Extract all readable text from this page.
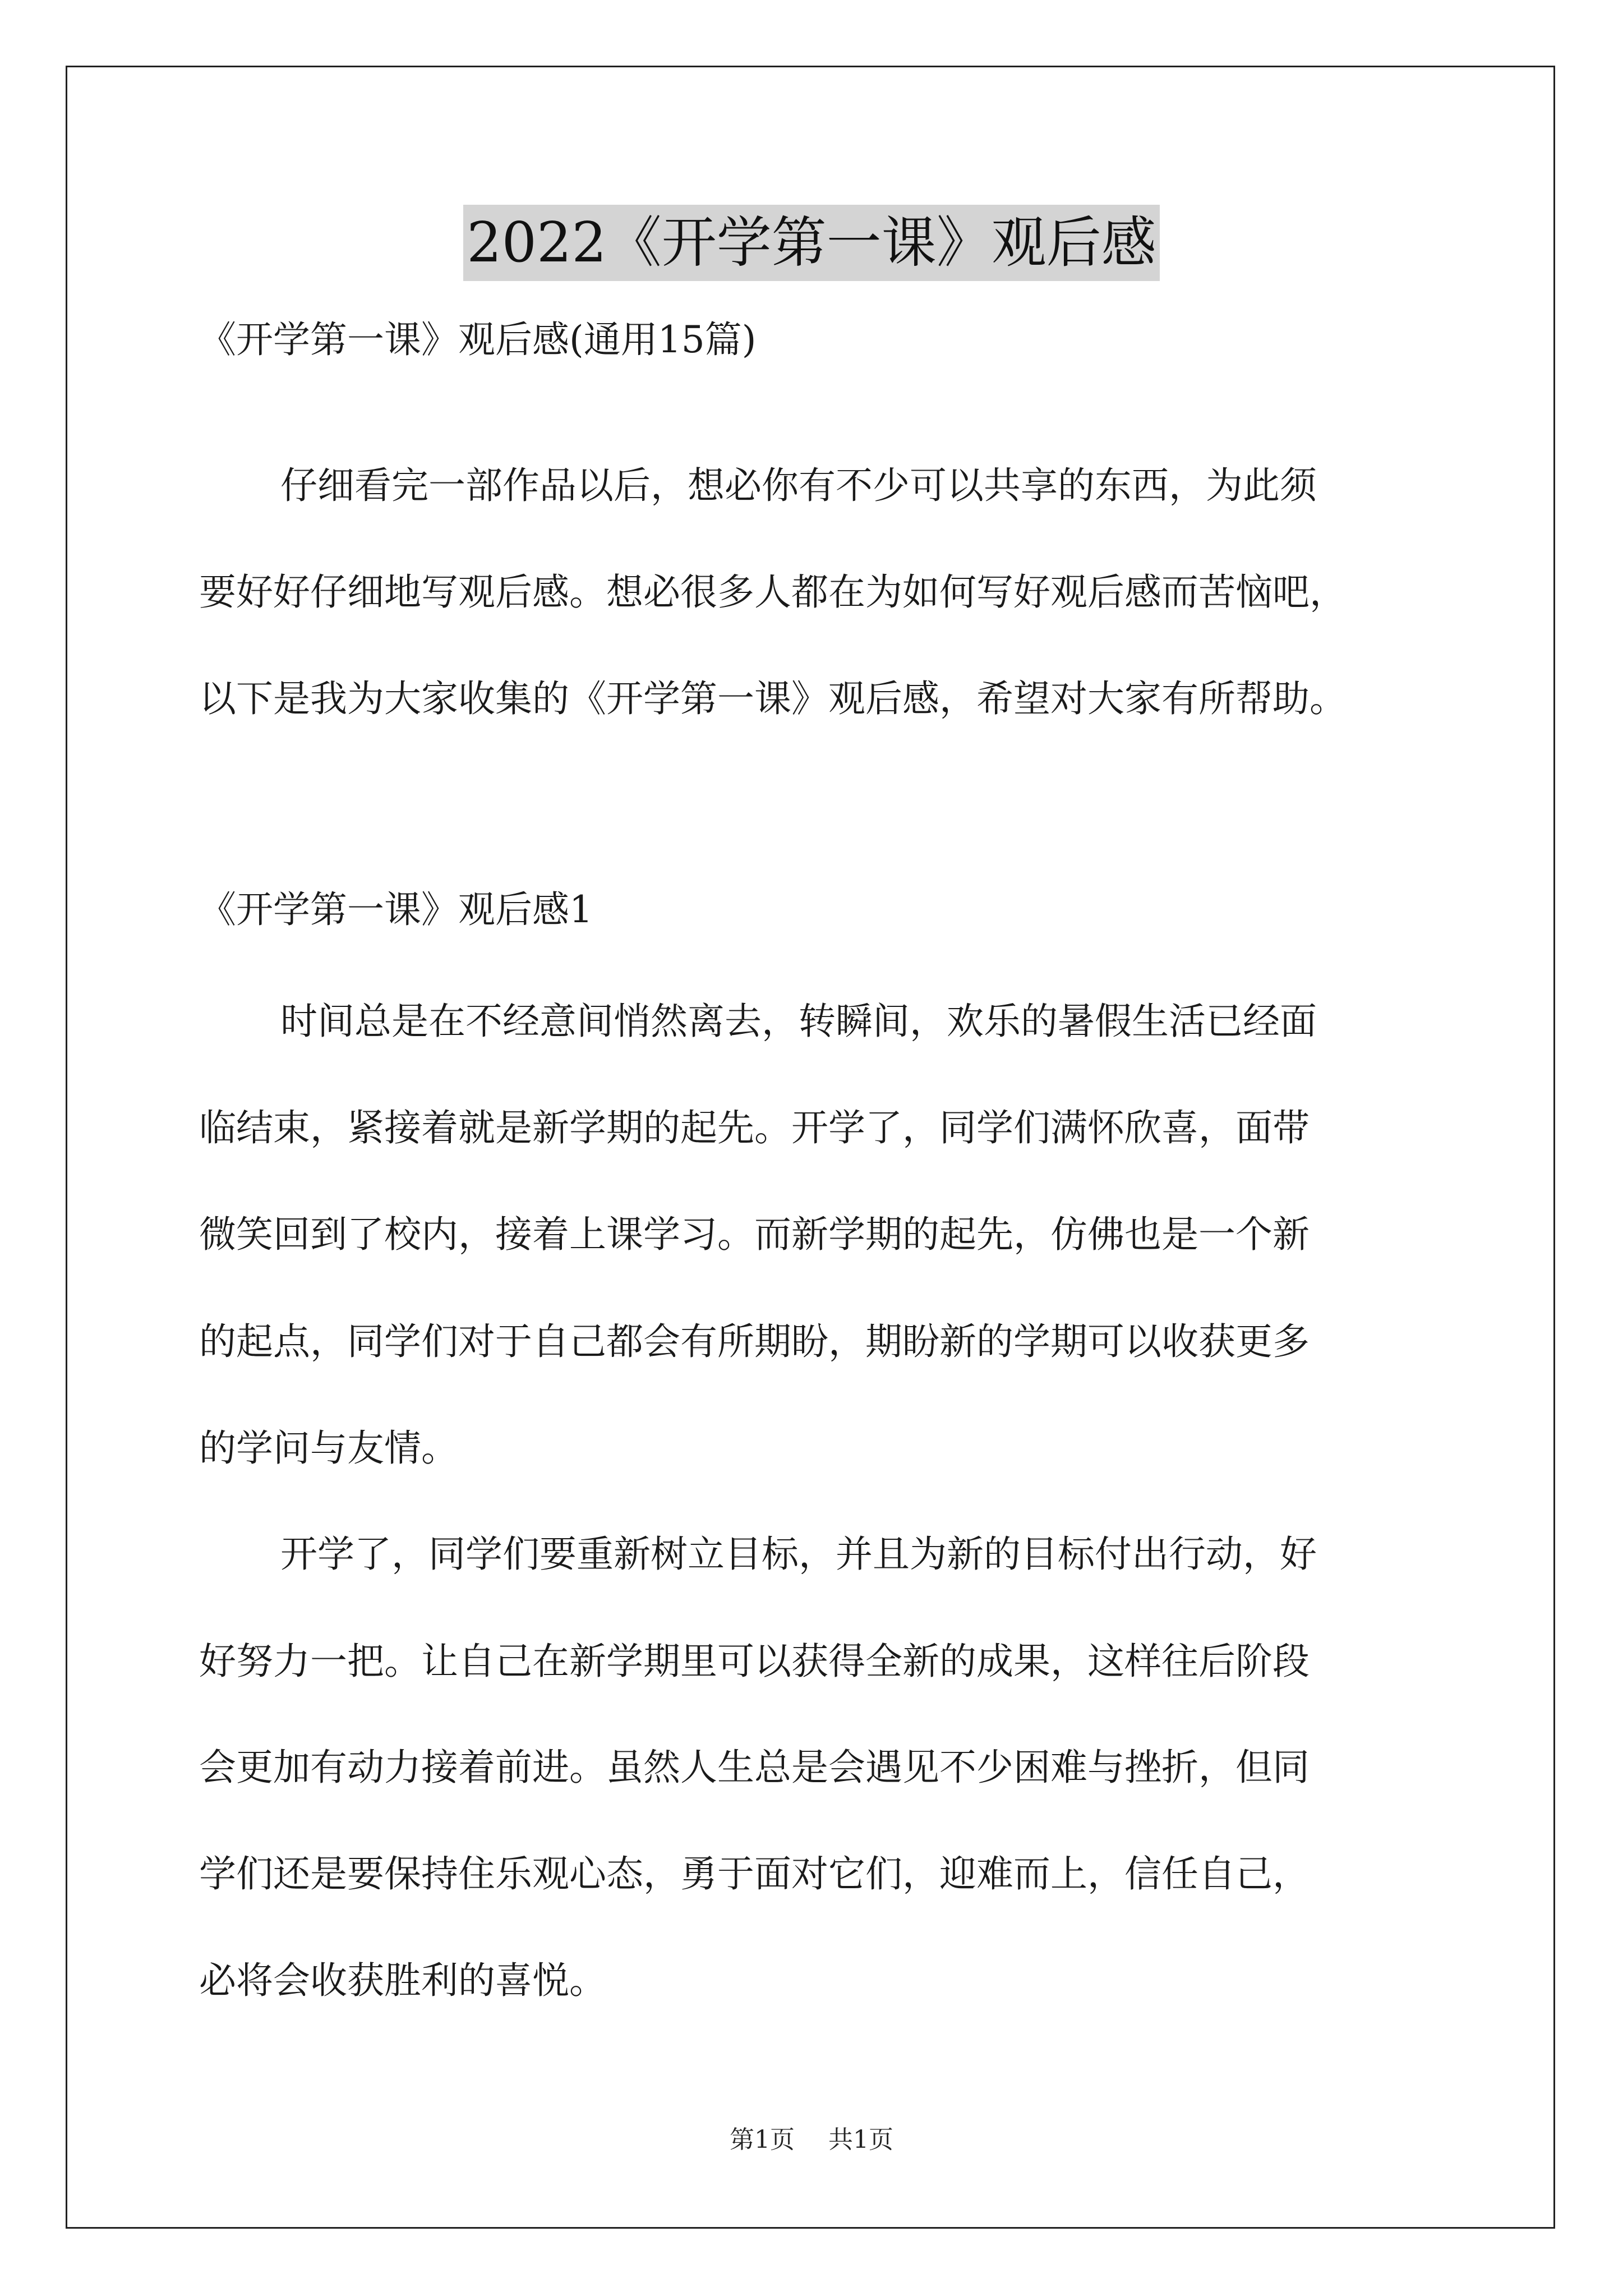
2022《开学第一课》观后感
《开学第一课》观后感(通用15篇)
仔细看完一部作品以后，想必你有不少可以共享的东西，为此须
要好好仔细地写观后感。想必很多人都在为如何写好观后感而苦恼吧，
以下是我为大家收集的《开学第一课》观后感，希望对大家有所帮助。
《开学第一课》观后感1
时间总是在不经意间悄然离去，转瞬间，欢乐的暑假生活已经面
临结束，紧接着就是新学期的起先。开学了，同学们满怀欣喜，面带
微笑回到了校内，接着上课学习。而新学期的起先，仿佛也是一个新
的起点，同学们对于自己都会有所期盼，期盼新的学期可以收获更多
的学问与友情。
开学了，同学们要重新树立目标，并且为新的目标付出行动，好
好努力一把。让自己在新学期里可以获得全新的成果，这样往后阶段
会更加有动力接着前进。虽然人生总是会遇见不少困难与挫折，但同
学们还是要保持住乐观心态，勇于面对它们，迎难而上，信任自己，
必将会收获胜利的喜悦。
第1页 共1页
